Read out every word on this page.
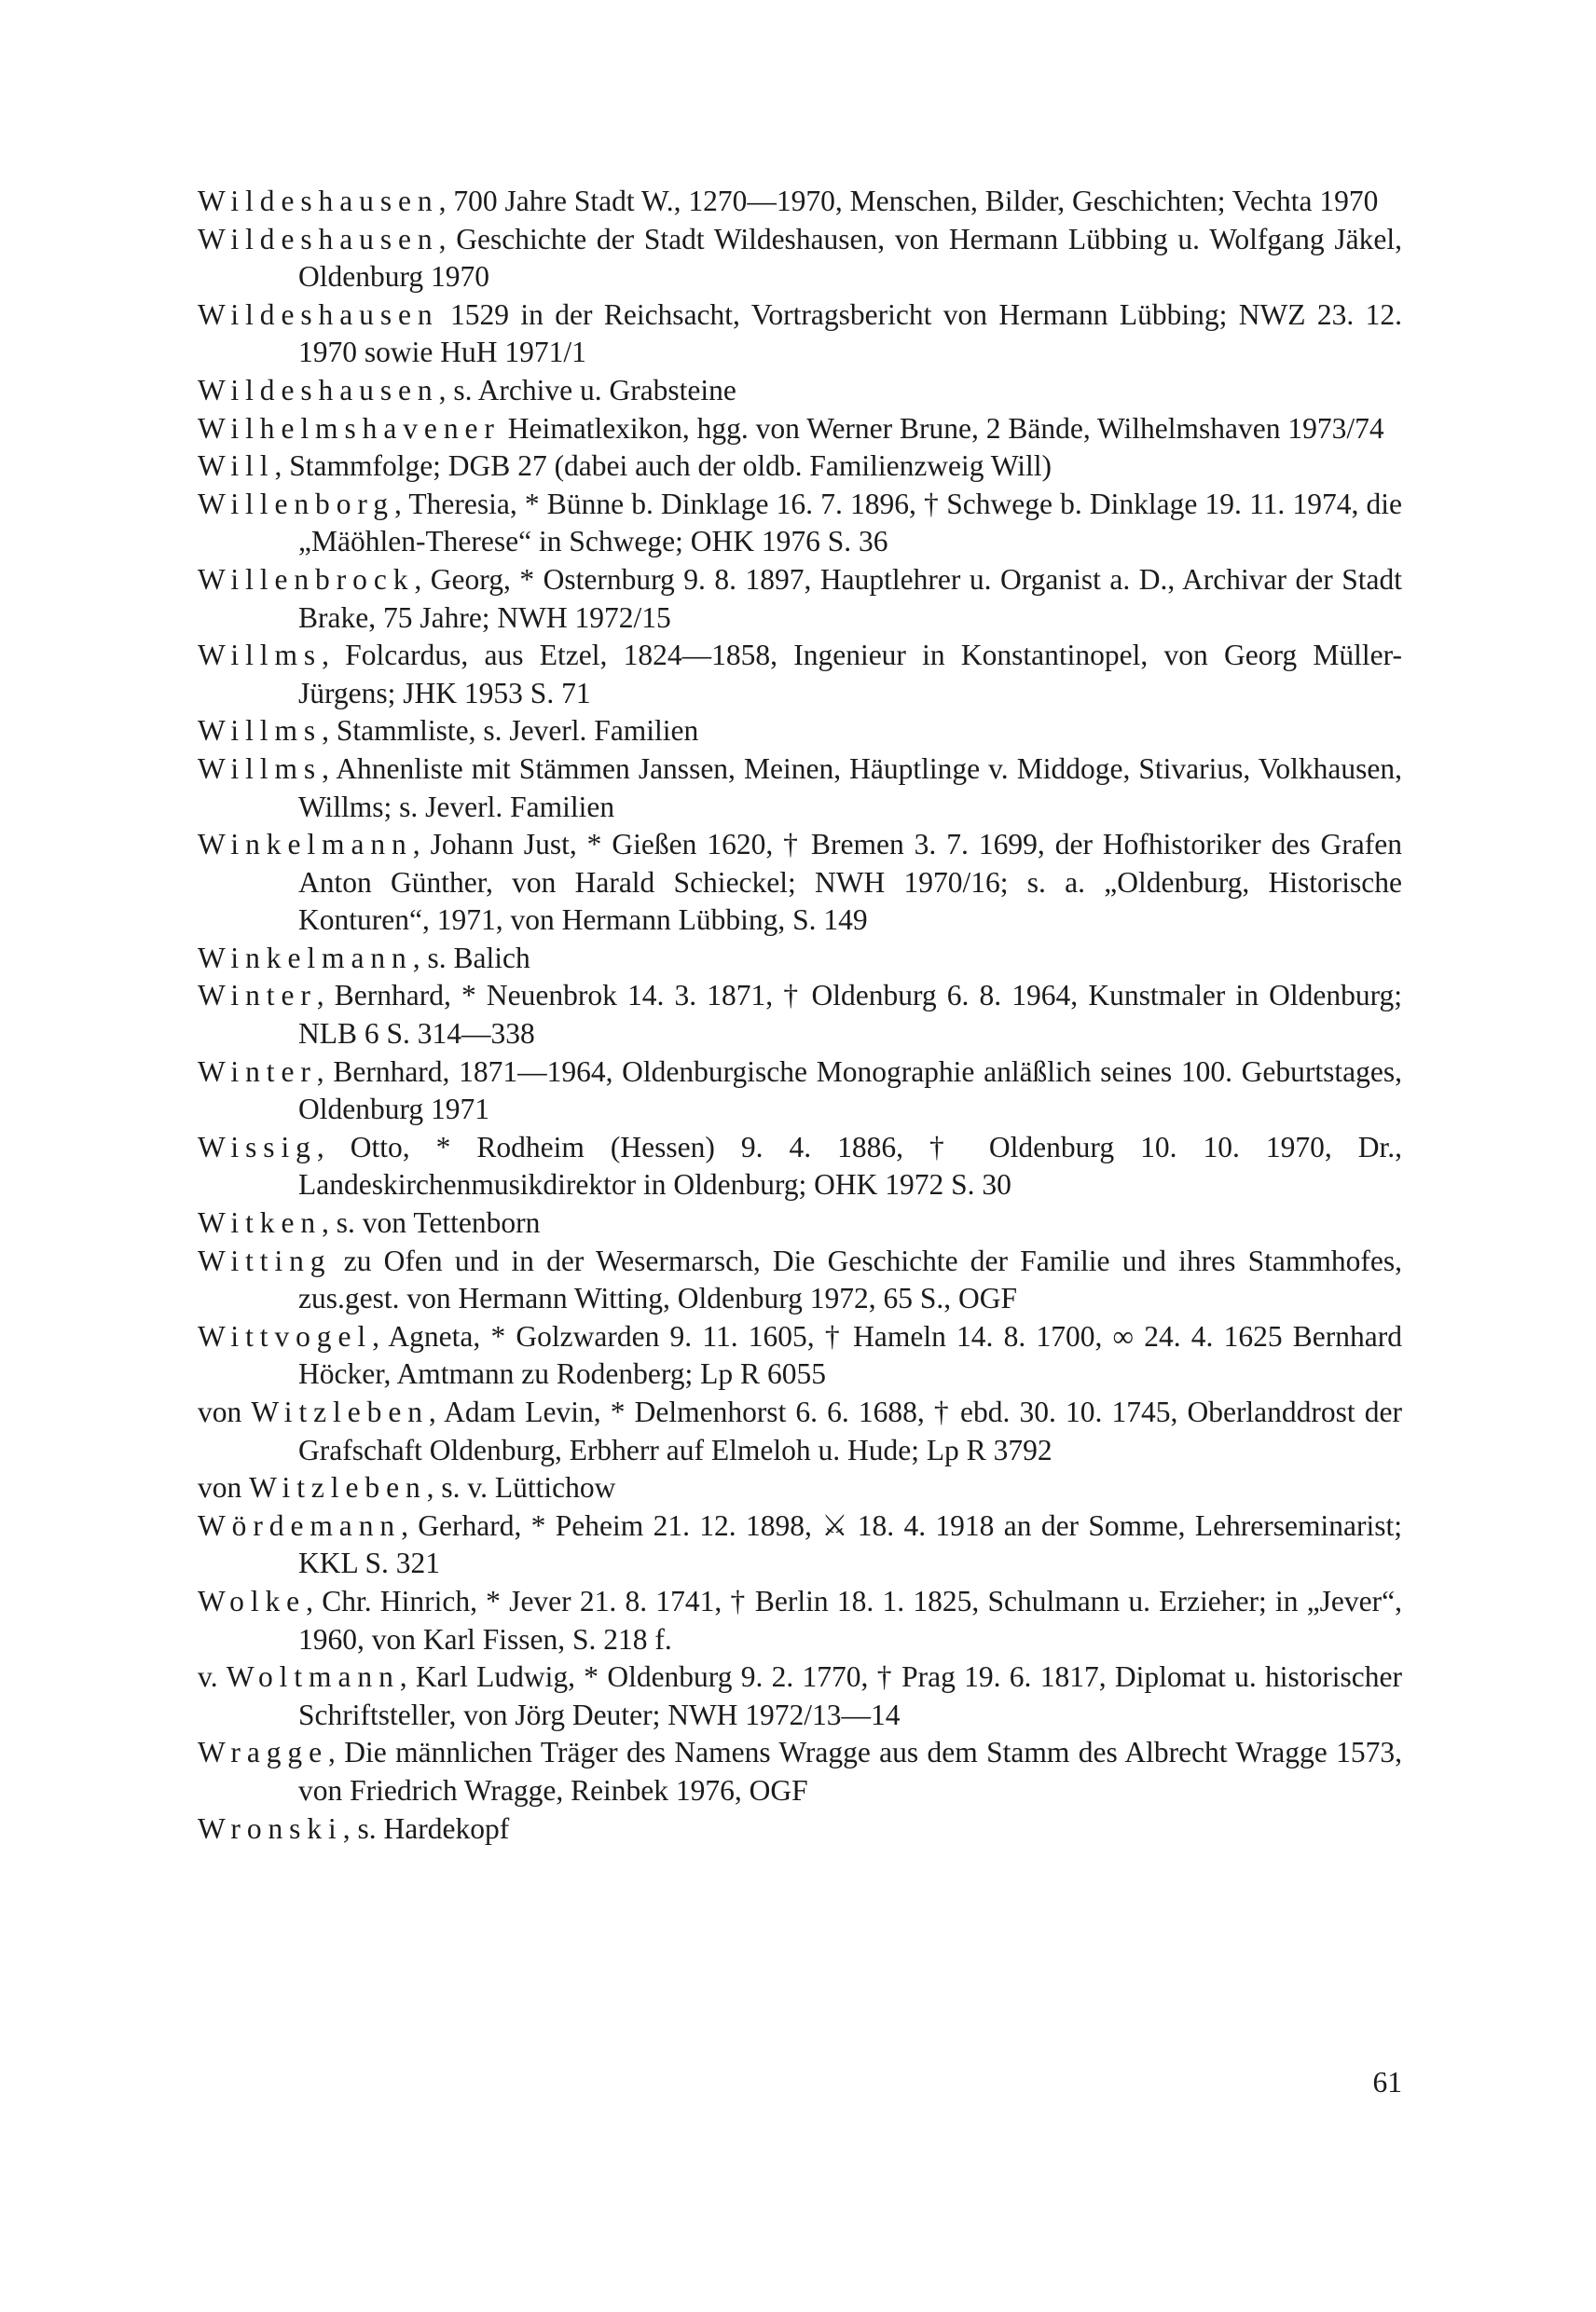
Wildeshausen, 700 Jahre Stadt W., 1270—1970, Menschen, Bilder, Geschichten; Vechta 1970
Wildeshausen, Geschichte der Stadt Wildeshausen, von Hermann Lübbing u. Wolfgang Jäkel, Oldenburg 1970
Wildeshausen 1529 in der Reichsacht, Vortragsbericht von Hermann Lübbing; NWZ 23. 12. 1970 sowie HuH 1971/1
Wildeshausen, s. Archive u. Grabsteine
Wilhelmshavener Heimatlexikon, hgg. von Werner Brune, 2 Bände, Wilhelmshaven 1973/74
Will, Stammfolge; DGB 27 (dabei auch der oldb. Familienzweig Will)
Willenborg, Theresia, * Bünne b. Dinklage 16. 7. 1896, † Schwege b. Dinklage 19. 11. 1974, die „Mäöhlen-Therese“ in Schwege; OHK 1976 S. 36
Willenbrock, Georg, * Osternburg 9. 8. 1897, Hauptlehrer u. Organist a. D., Archivar der Stadt Brake, 75 Jahre; NWH 1972/15
Willms, Folcardus, aus Etzel, 1824—1858, Ingenieur in Konstantinopel, von Georg Müller-Jürgens; JHK 1953 S. 71
Willms, Stammliste, s. Jeverl. Familien
Willms, Ahnenliste mit Stämmen Janssen, Meinen, Häuptlinge v. Middoge, Stivarius, Volkhausen, Willms; s. Jeverl. Familien
Winkelmann, Johann Just, * Gießen 1620, † Bremen 3. 7. 1699, der Hofhistoriker des Grafen Anton Günther, von Harald Schieckel; NWH 1970/16; s. a. „Oldenburg, Historische Konturen“, 1971, von Hermann Lübbing, S. 149
Winkelmann, s. Balich
Winter, Bernhard, * Neuenbrok 14. 3. 1871, † Oldenburg 6. 8. 1964, Kunstmaler in Oldenburg; NLB 6 S. 314—338
Winter, Bernhard, 1871—1964, Oldenburgische Monographie anläßlich seines 100. Geburtstages, Oldenburg 1971
Wissig, Otto, * Rodheim (Hessen) 9. 4. 1886, † Oldenburg 10. 10. 1970, Dr., Landeskirchenmusikdirektor in Oldenburg; OHK 1972 S. 30
Witken, s. von Tettenborn
Witting zu Ofen und in der Wesermarsch, Die Geschichte der Familie und ihres Stammhofes, zus.gest. von Hermann Witting, Oldenburg 1972, 65 S., OGF
Wittvogel, Agneta, * Golzwarden 9. 11. 1605, † Hameln 14. 8. 1700, ∞ 24. 4. 1625 Bernhard Höcker, Amtmann zu Rodenberg; Lp R 6055
von Witzleben, Adam Levin, * Delmenhorst 6. 6. 1688, † ebd. 30. 10. 1745, Oberlanddrost der Grafschaft Oldenburg, Erbherr auf Elmeloh u. Hude; Lp R 3792
von Witzleben, s. v. Lüttichow
Wördemann, Gerhard, * Peheim 21. 12. 1898, ⚔ 18. 4. 1918 an der Somme, Lehrerseminarist; KKL S. 321
Wolke, Chr. Hinrich, * Jever 21. 8. 1741, † Berlin 18. 1. 1825, Schulmann u. Erzieher; in „Jever“, 1960, von Karl Fissen, S. 218 f.
v. Woltmann, Karl Ludwig, * Oldenburg 9. 2. 1770, † Prag 19. 6. 1817, Diplomat u. historischer Schriftsteller, von Jörg Deuter; NWH 1972/13—14
Wragge, Die männlichen Träger des Namens Wragge aus dem Stamm des Albrecht Wragge 1573, von Friedrich Wragge, Reinbek 1976, OGF
Wronski, s. Hardekopf
61
